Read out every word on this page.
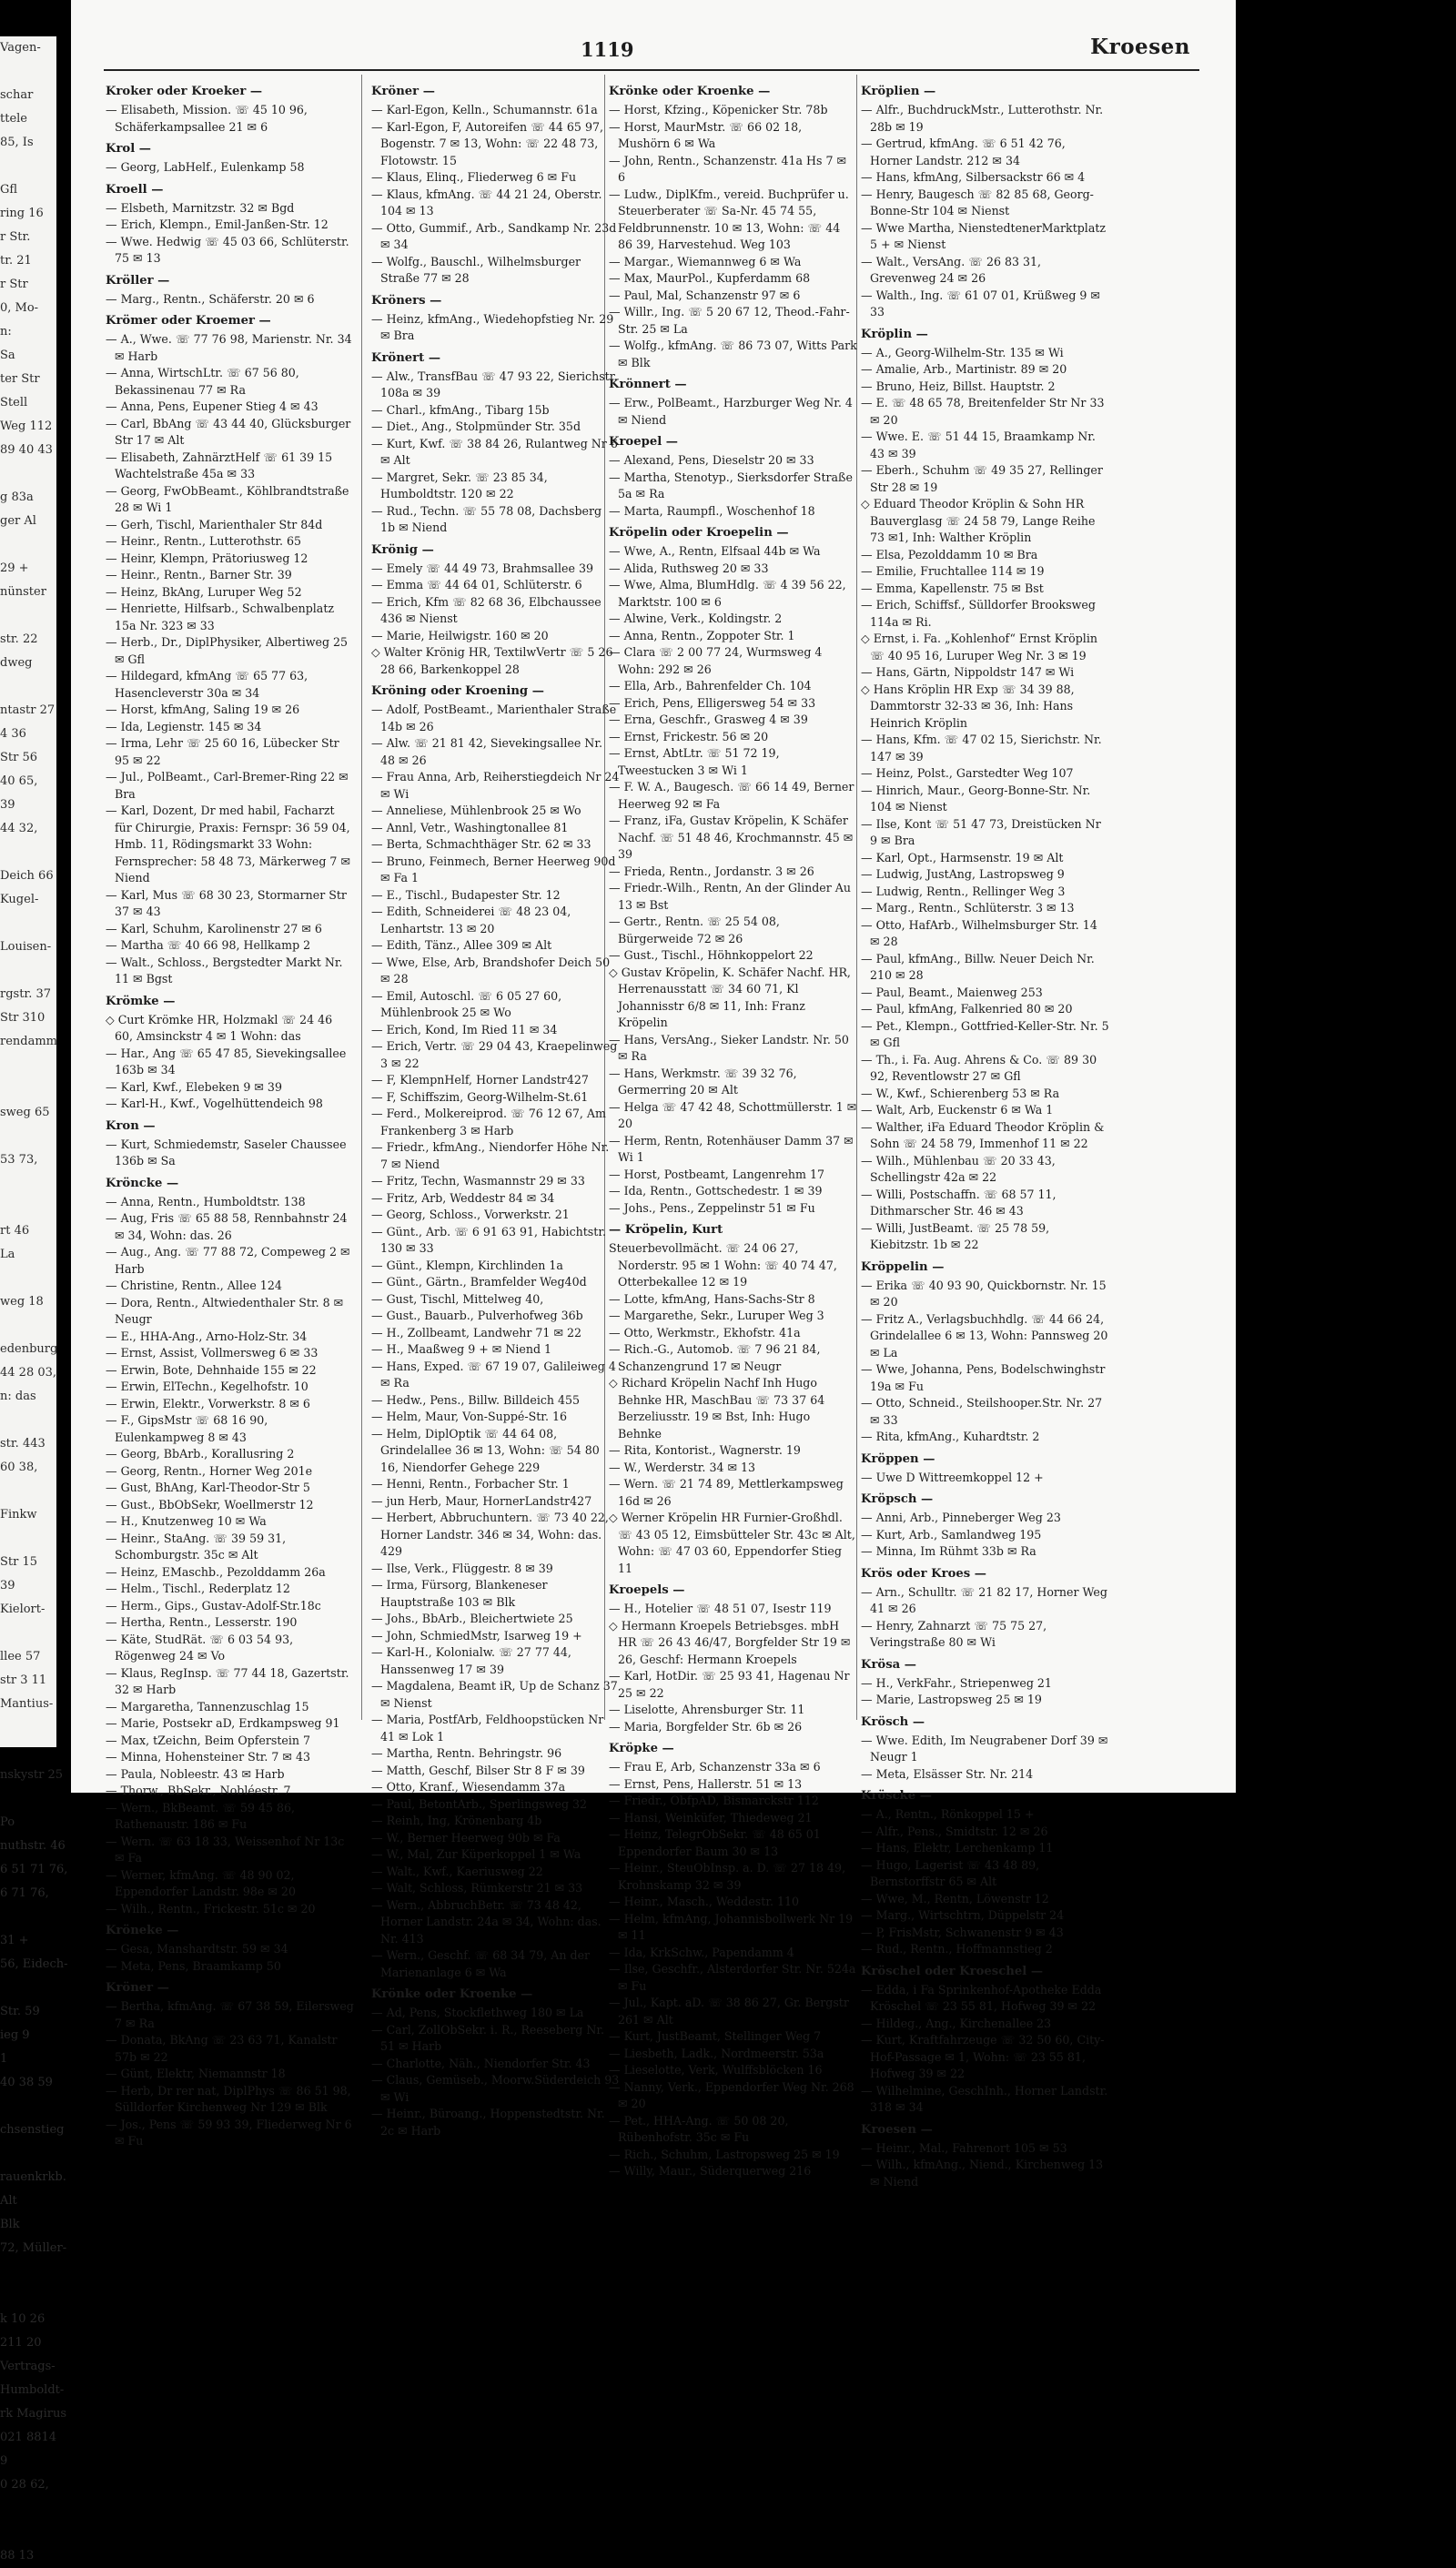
Vagen-

schar
ttele
85, Is

Gfl
ring 16
r Str.
tr. 21
r Str
0, Mo-
n:
Sa
ter Str
Stell
Weg 112
89 40 43

g 83a
ger Al

29 +
nünster

str. 22
dweg

ntastr 27
4 36
Str 56
40 65,
39
44 32,

Deich 66
Kugel-

Louisen-

rgstr. 37
Str 310
rendamm

sweg 65

53 73,

rt 46
La

weg 18

edenburg
44 28 03,
n: das

str. 443
60 38,

Finkw

Str 15
39
Kielort-

llee 57
str 3 11
Mantius-

nskystr 25

Po
nuthstr. 46
6 51 71 76,
6 71 76,

31 +
56, Eidech-

Str. 59
ieg 9
1
40 38 59

chsenstieg

rauenkrkb.
Alt
Blk
72, Müller-

k 10 26
211 20
Vertrags-
Humboldt-
rk Magirus
021 8814
9
0 28 62,

88 13
1119	Kroesen

Kroker oder Kroeker —

— Elisabeth, Mission. ☏ 45 10 96, Schäferkampsallee 21 ✉ 6

Krol —

— Georg, LabHelf., Eulenkamp 58

Kroell —

— Elsbeth, Marnitzstr. 32 ✉ Bgd

— Erich, Klempn., Emil-Janßen-Str. 12

— Wwe. Hedwig ☏ 45 03 66, Schlüterstr. 75 ✉ 13

Kröller —

— Marg., Rentn., Schäferstr. 20 ✉ 6

Krömer oder Kroemer —

— A., Wwe. ☏ 77 76 98, Marienstr. Nr. 34 ✉ Harb

— Anna, WirtschLtr. ☏ 67 56 80, Bekassinenau 77 ✉ Ra

— Anna, Pens, Eupener Stieg 4 ✉ 43

— Carl, BbAng ☏ 43 44 40, Glücksburger Str 17 ✉ Alt

— Elisabeth, ZahnärztHelf ☏ 61 39 15 Wachtelstraße 45a ✉ 33

— Georg, FwObBeamt., Köhlbrandtstraße 28 ✉ Wi 1

— Gerh, Tischl, Marienthaler Str 84d

— Heinr., Rentn., Lutterothstr. 65

— Heinr, Klempn, Prätoriusweg 12

— Heinr., Rentn., Barner Str. 39

— Heinz, BkAng, Luruper Weg 52

— Henriette, Hilfsarb., Schwalbenplatz 15a Nr. 323 ✉ 33

— Herb., Dr., DiplPhysiker, Albertiweg 25 ✉ Gfl

— Hildegard, kfmAng ☏ 65 77 63, Hasencleverstr 30a ✉ 34

— Horst, kfmAng, Saling 19 ✉ 26

— Ida, Legienstr. 145 ✉ 34

— Irma, Lehr ☏ 25 60 16, Lübecker Str 95 ✉ 22

— Jul., PolBeamt., Carl-Bremer-Ring 22 ✉ Bra

— Karl, Dozent, Dr med habil, Facharzt für Chirurgie, Praxis: Fernspr: 36 59 04, Hmb. 11, Rödingsmarkt 33 Wohn: Fernsprecher: 58 48 73, Märkerweg 7 ✉ Niend

— Karl, Mus ☏ 68 30 23, Stormarner Str 37 ✉ 43

— Karl, Schuhm, Karolinenstr 27 ✉ 6

— Martha ☏ 40 66 98, Hellkamp 2

— Walt., Schloss., Bergstedter Markt Nr. 11 ✉ Bgst

Krömke —

◇ Curt Krömke HR, Holzmakl ☏ 24 46 60, Amsinckstr 4 ✉ 1 Wohn: das

— Har., Ang ☏ 65 47 85, Sievekingsallee 163b ✉ 34

— Karl, Kwf., Elebeken 9 ✉ 39

— Karl-H., Kwf., Vogelhüttendeich 98

Kron —

— Kurt, Schmiedemstr, Saseler Chaussee 136b ✉ Sa

Kröncke —

— Anna, Rentn., Humboldtstr. 138

— Aug, Fris ☏ 65 88 58, Rennbahnstr 24 ✉ 34, Wohn: das. 26

— Aug., Ang. ☏ 77 88 72, Compeweg 2 ✉ Harb

— Christine, Rentn., Allee 124

— Dora, Rentn., Altwiedenthaler Str. 8 ✉ Neugr

— E., HHA-Ang., Arno-Holz-Str. 34

— Ernst, Assist, Vollmersweg 6 ✉ 33

— Erwin, Bote, Dehnhaide 155 ✉ 22

— Erwin, ElTechn., Kegelhofstr. 10

— Erwin, Elektr., Vorwerkstr. 8 ✉ 6

— F., GipsMstr ☏ 68 16 90, Eulenkampweg 8 ✉ 43

— Georg, BbArb., Korallusring 2

— Georg, Rentn., Horner Weg 201e

— Gust, BhAng, Karl-Theodor-Str 5

— Gust., BbObSekr, Woellmerstr 12

— H., Knutzenweg 10 ✉ Wa

— Heinr., StaAng. ☏ 39 59 31, Schomburgstr. 35c ✉ Alt

— Heinz, EMaschb., Pezolddamm 26a

— Helm., Tischl., Rederplatz 12

— Herm., Gips., Gustav-Adolf-Str.18c

— Hertha, Rentn., Lesserstr. 190

— Käte, StudRät. ☏ 6 03 54 93, Rögenweg 24 ✉ Vo

— Klaus, RegInsp. ☏ 77 44 18, Gazertstr. 32 ✉ Harb

— Margaretha, Tannenzuschlag 15

— Marie, Postsekr aD, Erdkampsweg 91

— Max, tZeichn, Beim Opferstein 7

— Minna, Hohensteiner Str. 7 ✉ 43

— Paula, Nobleestr. 43 ✉ Harb

— Thorw., BbSekr., Nobléestr. 7

— Wern., BkBeamt. ☏ 59 45 86, Rathenaustr. 186 ✉ Fu

— Wern. ☏ 63 18 33, Weissenhof Nr 13c ✉ Fa

— Werner, kfmAng. ☏ 48 90 02, Eppendorfer Landstr. 98e ✉ 20

— Wilh., Rentn., Frickestr. 51c ✉ 20

Kröneke —

— Gesa, Manshardtstr. 59 ✉ 34

— Meta, Pens, Braamkamp 50

Kröner —

— Bertha, kfmAng. ☏ 67 38 59, Eilersweg 7 ✉ Ra

— Donata, BkAng ☏ 23 63 71, Kanalstr 57b ✉ 22

— Günt, Elektr, Niemannstr 18

— Herb, Dr rer nat, DiplPhys ☏ 86 51 98, Sülldorfer Kirchenweg Nr 129 ✉ Blk

— Jos., Pens ☏ 59 93 39, Fliederweg Nr 6 ✉ Fu

Kröner —

— Karl-Egon, Kelln., Schumannstr. 61a

— Karl-Egon, F, Autoreifen ☏ 44 65 97, Bogenstr. 7 ✉ 13, Wohn: ☏ 22 48 73, Flotowstr. 15

— Klaus, Elinq., Fliederweg 6 ✉ Fu

— Klaus, kfmAng. ☏ 44 21 24, Oberstr. 104 ✉ 13

— Otto, Gummif., Arb., Sandkamp Nr. 23d ✉ 34

— Wolfg., Bauschl., Wilhelmsburger Straße 77 ✉ 28

Kröners —

— Heinz, kfmAng., Wiedehopfstieg Nr. 29 ✉ Bra

Krönert —

— Alw., TransfBau ☏ 47 93 22, Sierichstr. 108a ✉ 39

— Charl., kfmAng., Tibarg 15b

— Diet., Ang., Stolpmünder Str. 35d

— Kurt, Kwf. ☏ 38 84 26, Rulantweg Nr 6 ✉ Alt

— Margret, Sekr. ☏ 23 85 34, Humboldtstr. 120 ✉ 22

— Rud., Techn. ☏ 55 78 08, Dachsberg 1b ✉ Niend

Krönig —

— Emely ☏ 44 49 73, Brahmsallee 39

— Emma ☏ 44 64 01, Schlüterstr. 6

— Erich, Kfm ☏ 82 68 36, Elbchaussee 436 ✉ Nienst

— Marie, Heilwigstr. 160 ✉ 20

◇ Walter Krönig HR, TextilwVertr ☏ 5 26 28 66, Barkenkoppel 28

Kröning oder Kroening —

— Adolf, PostBeamt., Marienthaler Straße 14b ✉ 26

— Alw. ☏ 21 81 42, Sievekingsallee Nr. 48 ✉ 26

— Frau Anna, Arb, Reiherstiegdeich Nr 24 ✉ Wi

— Anneliese, Mühlenbrook 25 ✉ Wo

— Annl, Vetr., Washingtonallee 81

— Berta, Schmachthäger Str. 62 ✉ 33

— Bruno, Feinmech, Berner Heerweg 90d ✉ Fa 1

— E., Tischl., Budapester Str. 12

— Edith, Schneiderei ☏ 48 23 04, Lenhartstr. 13 ✉ 20

— Edith, Tänz., Allee 309 ✉ Alt

— Wwe, Else, Arb, Brandshofer Deich 50 ✉ 28

— Emil, Autoschl. ☏ 6 05 27 60, Mühlenbrook 25 ✉ Wo

— Erich, Kond, Im Ried 11 ✉ 34

— Erich, Vertr. ☏ 29 04 43, Kraepelinweg 3 ✉ 22

— F, KlempnHelf, Horner Landstr427

— F, Schiffszim, Georg-Wilhelm-St.61

— Ferd., Molkereiprod. ☏ 76 12 67, Am Frankenberg 3 ✉ Harb

— Friedr., kfmAng., Niendorfer Höhe Nr. 7 ✉ Niend

— Fritz, Techn, Wasmannstr 29 ✉ 33

— Fritz, Arb, Weddestr 84 ✉ 34

— Georg, Schloss., Vorwerkstr. 21

— Günt., Arb. ☏ 6 91 63 91, Habichtstr. 130 ✉ 33

— Günt., Klempn, Kirchlinden 1a

— Günt., Gärtn., Bramfelder Weg40d

— Gust, Tischl, Mittelweg 40,

— Gust., Bauarb., Pulverhofweg 36b

— H., Zollbeamt, Landwehr 71 ✉ 22

— H., Maaßweg 9 + ✉ Niend 1

— Hans, Exped. ☏ 67 19 07, Galileiweg 4 ✉ Ra

— Hedw., Pens., Billw. Billdeich 455

— Helm, Maur, Von-Suppé-Str. 16

— Helm, DiplOptik ☏ 44 64 08, Grindelallee 36 ✉ 13, Wohn: ☏ 54 80 16, Niendorfer Gehege 229

— Henni, Rentn., Forbacher Str. 1

— jun Herb, Maur, HornerLandstr427

— Herbert, Abbruchuntern. ☏ 73 40 22, Horner Landstr. 346 ✉ 34, Wohn: das. 429

— Ilse, Verk., Flüggestr. 8 ✉ 39

— Irma, Fürsorg, Blankeneser Hauptstraße 103 ✉ Blk

— Johs., BbArb., Bleichertwiete 25

— John, SchmiedMstr, Isarweg 19 +

— Karl-H., Kolonialw. ☏ 27 77 44, Hanssenweg 17 ✉ 39

— Magdalena, Beamt iR, Up de Schanz 37 ✉ Nienst

— Maria, PostfArb, Feldhoopstücken Nr 41 ✉ Lok 1

— Martha, Rentn. Behringstr. 96

— Matth, Geschf, Bilser Str 8 F ✉ 39

— Otto, Kranf., Wiesendamm 37a

— Paul, BetontArb., Sperlingsweg 32

— Reinh, Ing, Krönenbarg 4b

— W., Berner Heerweg 90b ✉ Fa

— W., Mal, Zur Küperkoppel 1 ✉ Wa

— Walt., Kwf., Kaeriusweg 22

— Walt, Schloss, Rümkerstr 21 ✉ 33

— Wern., AbbruchBetr. ☏ 73 48 42, Horner Landstr. 24a ✉ 34, Wohn: das. Nr. 413

— Wern., Geschf. ☏ 68 34 79, An der Marienanlage 6 ✉ Wa

Krönke oder Kroenke —

— Ad, Pens, Stockflethweg 180 ✉ La

— Carl, ZollObSekr. i. R., Reeseberg Nr. 51 ✉ Harb

— Charlotte, Näh., Niendorfer Str. 43

— Claus, Gemüseb., Moorw.Süderdeich 93 ✉ Wi

— Heinr., Büroang., Hoppenstedtstr. Nr. 2c ✉ Harb

Krönke oder Kroenke —

— Horst, Kfzing., Köpenicker Str. 78b

— Horst, MaurMstr. ☏ 66 02 18, Mushörn 6 ✉ Wa

— John, Rentn., Schanzenstr. 41a Hs 7 ✉ 6

— Ludw., DiplKfm., vereid. Buchprüfer u. Steuerberater ☏ Sa-Nr. 45 74 55, Feldbrunnenstr. 10 ✉ 13, Wohn: ☏ 44 86 39, Harvestehud. Weg 103

— Margar., Wiemannweg 6 ✉ Wa

— Max, MaurPol., Kupferdamm 68

— Paul, Mal, Schanzenstr 97 ✉ 6

— Willr., Ing. ☏ 5 20 67 12, Theod.-Fahr-Str. 25 ✉ La

— Wolfg., kfmAng. ☏ 86 73 07, Witts Park ✉ Blk

Krönnert —

— Erw., PolBeamt., Harzburger Weg Nr. 4 ✉ Niend

Kroepel —

— Alexand, Pens, Dieselstr 20 ✉ 33

— Martha, Stenotyp., Sierksdorfer Straße 5a ✉ Ra

— Marta, Raumpfl., Woschenhof 18

Kröpelin oder Kroepelin —

— Wwe, A., Rentn, Elfsaal 44b ✉ Wa

— Alida, Ruthsweg 20 ✉ 33

— Wwe, Alma, BlumHdlg. ☏ 4 39 56 22, Marktstr. 100 ✉ 6

— Alwine, Verk., Koldingstr. 2

— Anna, Rentn., Zoppoter Str. 1

— Clara ☏ 2 00 77 24, Wurmsweg 4 Wohn: 292 ✉ 26

— Ella, Arb., Bahrenfelder Ch. 104

— Erich, Pens, Elligersweg 54 ✉ 33

— Erna, Geschfr., Grasweg 4 ✉ 39

— Ernst, Frickestr. 56 ✉ 20

— Ernst, AbtLtr. ☏ 51 72 19, Tweestucken 3 ✉ Wi 1

— F. W. A., Baugesch. ☏ 66 14 49, Berner Heerweg 92 ✉ Fa

— Franz, iFa, Gustav Kröpelin, K Schäfer Nachf. ☏ 51 48 46, Krochmannstr. 45 ✉ 39

— Frieda, Rentn., Jordanstr. 3 ✉ 26

— Friedr.-Wilh., Rentn, An der Glinder Au 13 ✉ Bst

— Gertr., Rentn. ☏ 25 54 08, Bürgerweide 72 ✉ 26

— Gust., Tischl., Höhnkoppelort 22

◇ Gustav Kröpelin, K. Schäfer Nachf. HR, Herrenausstatt ☏ 34 60 71, Kl Johannisstr 6/8 ✉ 11, Inh: Franz Kröpelin

— Hans, VersAng., Sieker Landstr. Nr. 50 ✉ Ra

— Hans, Werkmstr. ☏ 39 32 76, Germerring 20 ✉ Alt

— Helga ☏ 47 42 48, Schottmüllerstr. 1 ✉ 20

— Herm, Rentn, Rotenhäuser Damm 37 ✉ Wi 1

— Horst, Postbeamt, Langenrehm 17

— Ida, Rentn., Gottschedestr. 1 ✉ 39

— Johs., Pens., Zeppelinstr 51 ✉ Fu

— Kröpelin, Kurt

Steuerbevollmächt. ☏ 24 06 27, Norderstr. 95 ✉ 1 Wohn: ☏ 40 74 47, Otterbekallee 12 ✉ 19

— Lotte, kfmAng, Hans-Sachs-Str 8

— Margarethe, Sekr., Luruper Weg 3

— Otto, Werkmstr., Ekhofstr. 41a

— Rich.-G., Automob. ☏ 7 96 21 84, Schanzengrund 17 ✉ Neugr

◇ Richard Kröpelin Nachf Inh Hugo Behnke HR, MaschBau ☏ 73 37 64 Berzeliusstr. 19 ✉ Bst, Inh: Hugo Behnke

— Rita, Kontorist., Wagnerstr. 19

— W., Werderstr. 34 ✉ 13

— Wern. ☏ 21 74 89, Mettlerkampsweg 16d ✉ 26

◇ Werner Kröpelin HR Furnier-Großhdl. ☏ 43 05 12, Eimsbütteler Str. 43c ✉ Alt, Wohn: ☏ 47 03 60, Eppendorfer Stieg 11

Kroepels —

— H., Hotelier ☏ 48 51 07, Isestr 119

◇ Hermann Kroepels Betriebsges. mbH HR ☏ 26 43 46/47, Borgfelder Str 19 ✉ 26, Geschf: Hermann Kroepels

— Karl, HotDir. ☏ 25 93 41, Hagenau Nr 25 ✉ 22

— Liselotte, Ahrensburger Str. 11

— Maria, Borgfelder Str. 6b ✉ 26

Kröpke —

— Frau E, Arb, Schanzenstr 33a ✉ 6

— Ernst, Pens, Hallerstr. 51 ✉ 13

— Friedr., ObfpAD, Bismarckstr 112

— Hansi, Weinküfer, Thiedeweg 21

— Heinz, TelegrObSekr. ☏ 48 65 01 Eppendorfer Baum 30 ✉ 13

— Heinr., SteuObInsp. a. D. ☏ 27 18 49, Krohnskamp 32 ✉ 39

— Heinr., Masch., Weddestr. 110

— Helm, kfmAng, Johannisbollwerk Nr 19 ✉ 11

— Ida, KrkSchw., Papendamm 4

— Ilse, Geschfr., Alsterdorfer Str. Nr. 524a ✉ Fu

— Jul., Kapt. aD. ☏ 38 86 27, Gr. Bergstr 261 ✉ Alt

— Kurt, JustBeamt, Stellinger Weg 7

— Liesbeth, Ladk., Nordmeerstr. 53a

— Lieselotte, Verk, Wulffsblöcken 16

— Nanny, Verk., Eppendorfer Weg Nr. 268 ✉ 20

— Pet., HHA-Ang. ☏ 50 08 20, Rübenhofstr. 35c ✉ Fu

— Rich., Schuhm, Lastropsweg 25 ✉ 19

— Willy, Maur., Süderquerweg 216

Kröplien —

— Alfr., BuchdruckMstr., Lutterothstr. Nr. 28b ✉ 19

— Gertrud, kfmAng. ☏ 6 51 42 76, Horner Landstr. 212 ✉ 34

— Hans, kfmAng, Silbersackstr 66 ✉ 4

— Henry, Baugesch ☏ 82 85 68, Georg-Bonne-Str 104 ✉ Nienst

— Wwe Martha, NienstedtenerMarktplatz 5 + ✉ Nienst

— Walt., VersAng. ☏ 26 83 31, Grevenweg 24 ✉ 26

— Walth., Ing. ☏ 61 07 01, Krüßweg 9 ✉ 33

Kröplin —

— A., Georg-Wilhelm-Str. 135 ✉ Wi

— Amalie, Arb., Martinistr. 89 ✉ 20

— Bruno, Heiz, Billst. Hauptstr. 2

— E. ☏ 48 65 78, Breitenfelder Str Nr 33 ✉ 20

— Wwe. E. ☏ 51 44 15, Braamkamp Nr. 43 ✉ 39

— Eberh., Schuhm ☏ 49 35 27, Rellinger Str 28 ✉ 19

◇ Eduard Theodor Kröplin & Sohn HR Bauverglasg ☏ 24 58 79, Lange Reihe 73 ✉1, Inh: Walther Kröplin

— Elsa, Pezolddamm 10 ✉ Bra

— Emilie, Fruchtallee 114 ✉ 19

— Emma, Kapellenstr. 75 ✉ Bst

— Erich, Schiffsf., Sülldorfer Brooksweg 114a ✉ Ri.

◇ Ernst, i. Fa. „Kohlenhof“ Ernst Kröplin ☏ 40 95 16, Luruper Weg Nr. 3 ✉ 19

— Hans, Gärtn, Nippoldstr 147 ✉ Wi

◇ Hans Kröplin HR Exp ☏ 34 39 88, Dammtorstr 32-33 ✉ 36, Inh: Hans Heinrich Kröplin

— Hans, Kfm. ☏ 47 02 15, Sierichstr. Nr. 147 ✉ 39

— Heinz, Polst., Garstedter Weg 107

— Hinrich, Maur., Georg-Bonne-Str. Nr. 104 ✉ Nienst

— Ilse, Kont ☏ 51 47 73, Dreistücken Nr 9 ✉ Bra

— Karl, Opt., Harmsenstr. 19 ✉ Alt

— Ludwig, JustAng, Lastropsweg 9

— Ludwig, Rentn., Rellinger Weg 3

— Marg., Rentn., Schlüterstr. 3 ✉ 13

— Otto, HafArb., Wilhelmsburger Str. 14 ✉ 28

— Paul, kfmAng., Billw. Neuer Deich Nr. 210 ✉ 28

— Paul, Beamt., Maienweg 253

— Paul, kfmAng, Falkenried 80 ✉ 20

— Pet., Klempn., Gottfried-Keller-Str. Nr. 5 ✉ Gfl

— Th., i. Fa. Aug. Ahrens & Co. ☏ 89 30 92, Reventlowstr 27 ✉ Gfl

— W., Kwf., Schierenberg 53 ✉ Ra

— Walt, Arb, Euckenstr 6 ✉ Wa 1

— Walther, iFa Eduard Theodor Kröplin & Sohn ☏ 24 58 79, Immenhof 11 ✉ 22

— Wilh., Mühlenbau ☏ 20 33 43, Schellingstr 42a ✉ 22

— Willi, Postschaffn. ☏ 68 57 11, Dithmarscher Str. 46 ✉ 43

— Willi, JustBeamt. ☏ 25 78 59, Kiebitzstr. 1b ✉ 22

Kröppelin —

— Erika ☏ 40 93 90, Quickbornstr. Nr. 15 ✉ 20

— Fritz A., Verlagsbuchhdlg. ☏ 44 66 24, Grindelallee 6 ✉ 13, Wohn: Pannsweg 20 ✉ La

— Wwe, Johanna, Pens, Bodelschwinghstr 19a ✉ Fu

— Otto, Schneid., Steilshooper.Str. Nr. 27 ✉ 33

— Rita, kfmAng., Kuhardtstr. 2

Kröppen —

— Uwe D Wittreemkoppel 12 +

Kröpsch —

— Anni, Arb., Pinneberger Weg 23

— Kurt, Arb., Samlandweg 195

— Minna, Im Rühmt 33b ✉ Ra

Krös oder Kroes —

— Arn., Schulltr. ☏ 21 82 17, Horner Weg 41 ✉ 26

— Henry, Zahnarzt ☏ 75 75 27, Veringstraße 80 ✉ Wi

Krösa —

— H., VerkFahr., Striepenweg 21

— Marie, Lastropsweg 25 ✉ 19

Krösch —

— Wwe. Edith, Im Neugrabener Dorf 39 ✉ Neugr 1

— Meta, Elsässer Str. Nr. 214

Kröscke —

— A., Rentn., Rönkoppel 15 +

— Alfr., Pens., Smidtstr. 12 ✉ 26

— Hans, Elektr, Lerchenkamp 11

— Hugo, Lagerist ☏ 43 48 89, Bernstorffstr 65 ✉ Alt

— Wwe, M., Rentn, Löwenstr 12

— Marg., Wirtschtrn, Düppelstr 24

— P, FrisMstr, Schwanenstr 9 ✉ 43

— Rud., Rentn., Hoffmannstieg 2

Kröschel oder Kroeschel —

— Edda, i Fa Sprinkenhof-Apotheke Edda Kröschel ☏ 23 55 81, Hofweg 39 ✉ 22

— Hildeg., Ang., Kirchenallee 23

— Kurt, Kraftfahrzeuge ☏ 32 50 60, City-Hof-Passage ✉ 1, Wohn: ☏ 23 55 81, Hofweg 39 ✉ 22

— Wilhelmine, GeschInh., Horner Landstr. 318 ✉ 34

Kroesen —

— Heinr., Mal., Fahrenort 105 ✉ 53

— Wilh., kfmAng., Niend., Kirchenweg 13 ✉ Niend
